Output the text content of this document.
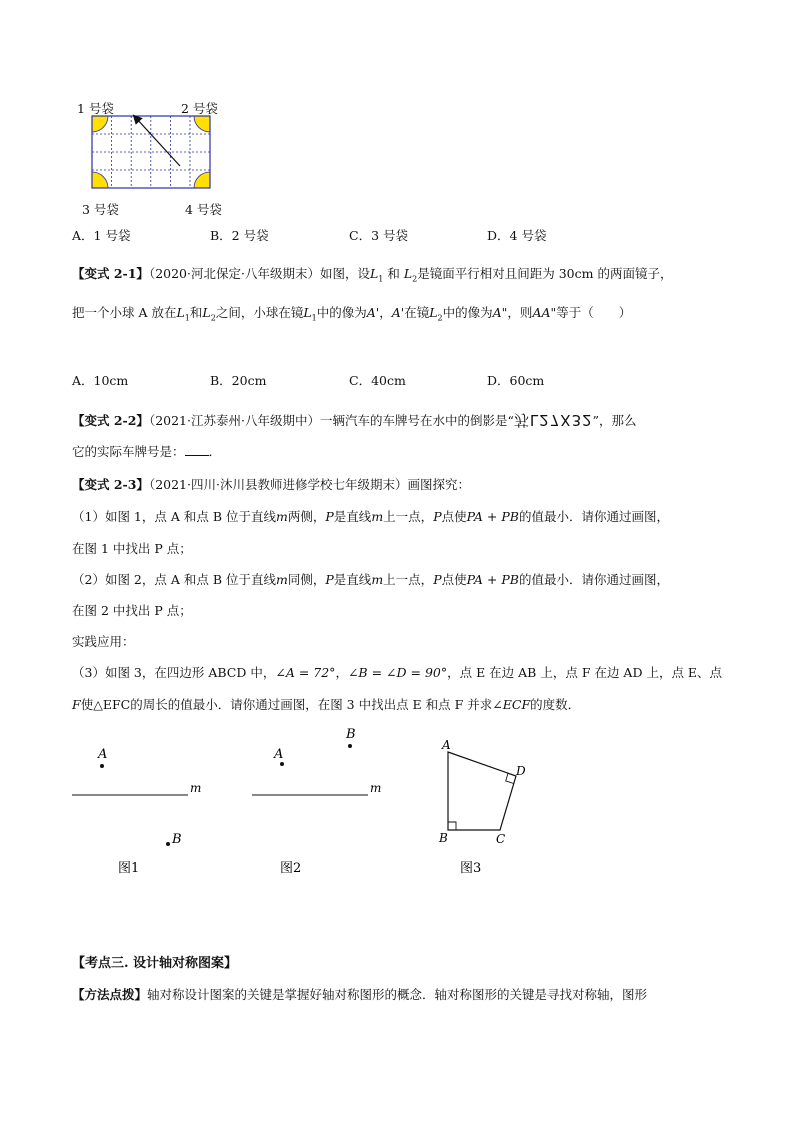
1 号袋	2 号袋
3 号袋	4 号袋
A．1 号袋	B．2 号袋	C．3 号袋	D．4 号袋
【变式 2-1】（2020·河北保定·八年级期末）如图，设$L_1$ 和 $L_2$是镜面平行相对且间距为 30cm 的两面镜子，
把一个小球 A 放在$L_1$和$L_2$之间，小球在镜$L_1$中的像为A'，A'在镜$L_2$中的像为A"，则AA"等于（　　）
A．10cm	B．20cm	C．40cm	D．60cm
【变式 2-2】（2021·江苏泰州·八年级期中）一辆汽车的车牌号在水中的倒影是“苏L27X32”，那么
它的实际车牌号是： ．
【变式 2-3】（2021·四川·沐川县教师进修学校七年级期末）画图探究：
（1）如图 1，点 A 和点 B 位于直线m两侧，P是直线m上一点，P点使PA + PB的值最小．请你通过画图，
在图 1 中找出 P 点；
（2）如图 2，点 A 和点 B 位于直线m同侧，P是直线m上一点，P点使PA + PB的值最小．请你通过画图，
在图 2 中找出 P 点；
实践应用：
（3）如图 3，在四边形 ABCD 中，∠A = 72°，∠B = ∠D = 90°，点 E 在边 AB 上，点 F 在边 AD 上，点 E、点
F使△EFC的周长的值最小．请你通过画图，在图 3 中找出点 E 和点 F 并求∠ECF的度数．
A
m
B
图1
B
A
m
图2
A
D
B	C
图3
【考点三. 设计轴对称图案】
【方法点拨】轴对称设计图案的关键是掌握好轴对称图形的概念．轴对称图形的关键是寻找对称轴，图形
